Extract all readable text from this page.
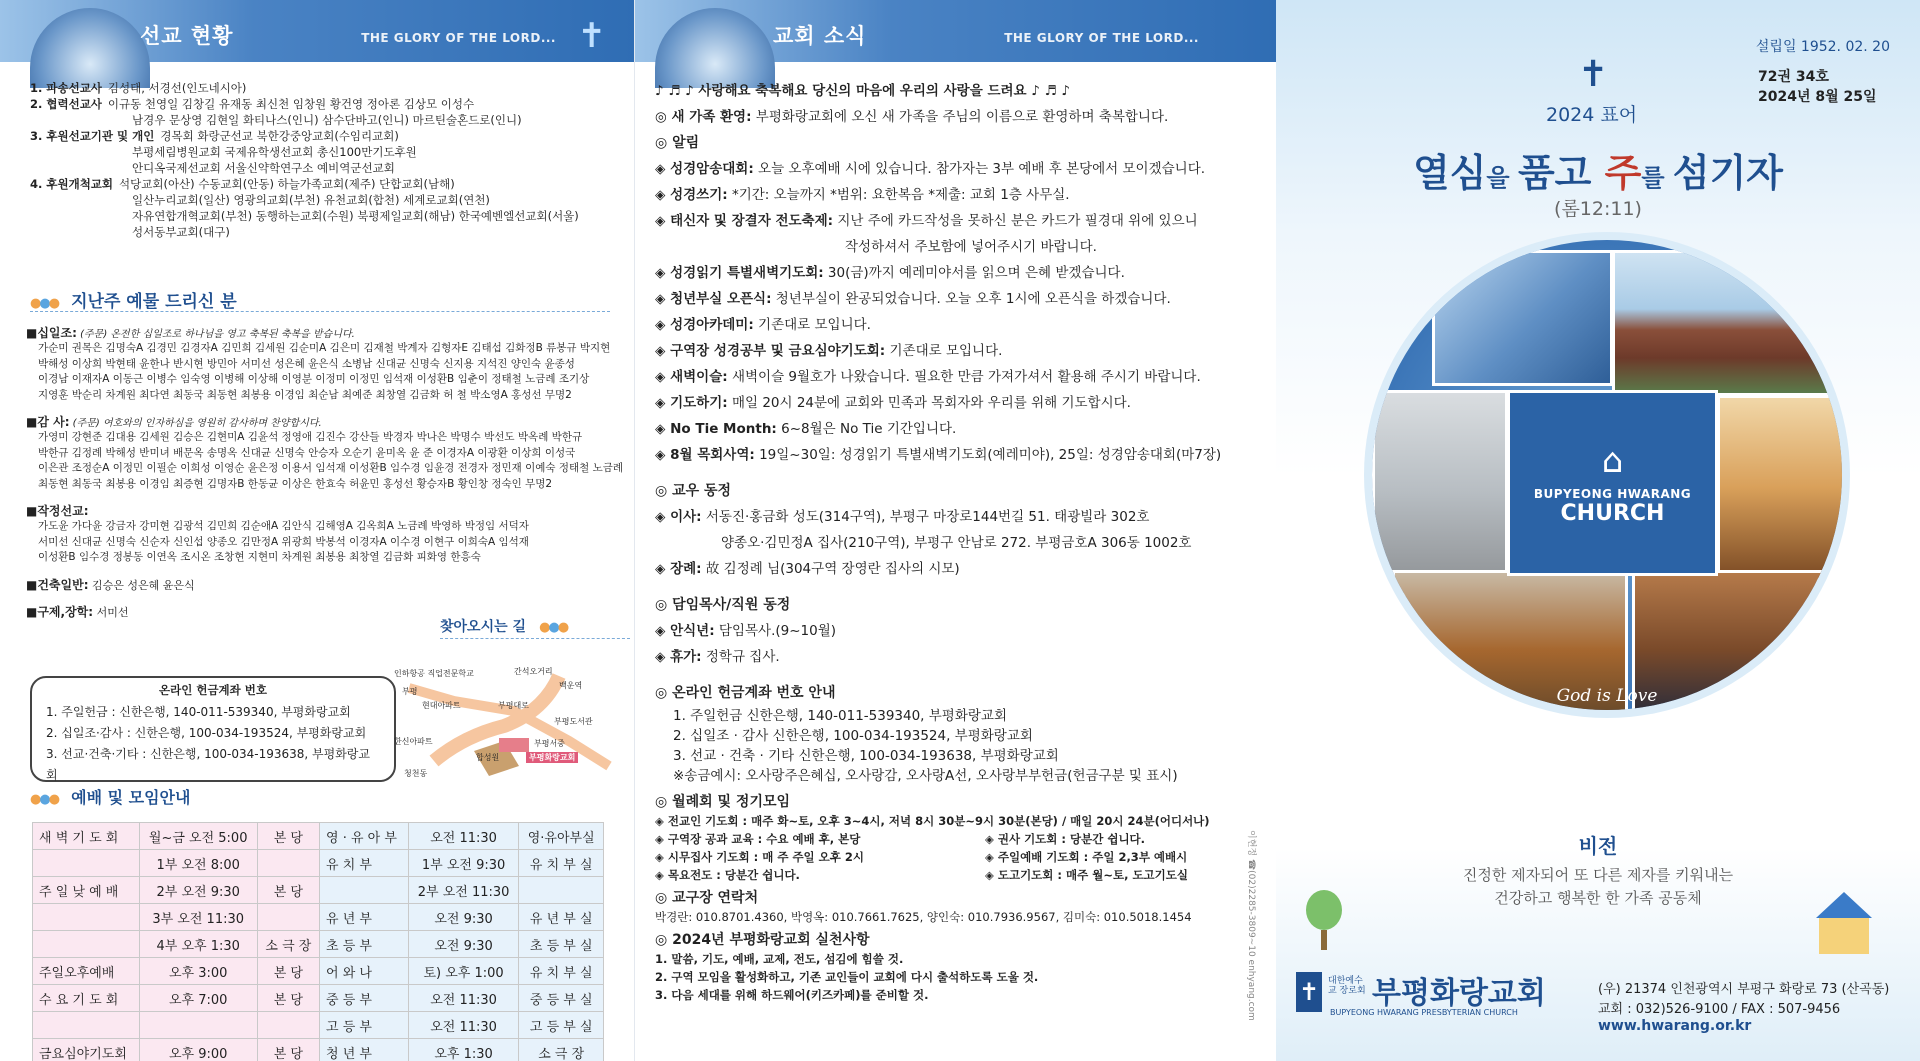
선교 현황	THE GLORY OF THE LORD... ✝
1. 파송선교사 김성태, 서경선(인도네시아)
2. 협력선교사 이규동 천영일 김창길 유재동 최신천 임창원 황건영 정아론 김상모 이성수
남경우 문상영 김현일 화티나스(인니) 삼수단바고(인니) 마르틴술혼드로(인니)
3. 후원선교기관 및 개인 경목회 화랑군선교 북한강중앙교회(수임리교회)
부평세림병원교회 국제유학생선교회 총신100만기도후원
안디옥국제선교회 서울신약학연구소 예비역군선교회
4. 후원개척교회 석당교회(아산) 수동교회(안동) 하늘가족교회(제주) 단합교회(남해)
일산누리교회(일산) 영광의교회(부천) 유천교회(합천) 세계로교회(연천)
자유연합개혁교회(부천) 동행하는교회(수원) 북평제일교회(해남) 한국예벤엘선교회(서울)
성서동부교회(대구)
●●● 지난주 예물 드리신 분
■십일조: (주문) 온전한 십일조로 하나님을 영고 축복된 축복을 받습니다.
가순미 권목은 김명숙A 김경민 김경자A 김민희 김세원 김순미A 김은미 김재철 박계자 김형자E 김태섭 김화정B 류봉규 박지현
박해성 이상희 박현태 윤한나 반시현 방민아 서미선 성은혜 윤은식 소병남 신대균 신명숙 신지용 지석진 양인숙 윤종성
이경남 이재자A 이동근 이병수 임숙영 이병해 이상해 이영분 이정미 이정민 임석재 이성환B 임춘이 정태철 노금례 조기상
지영훈 박순리 차계원 최다연 최동국 최동현 최봉용 이경임 최순남 최예준 최창열 김금화 허 철 박소영A 홍성선 무명2
■감 사: (주문) 여호와의 인자하심을 영원히 감사하며 찬양합시다.
가영미 강현준 김대용 김세원 김승은 김현미A 김윤석 정영애 김진수 강산들 박경자 박나은 박명수 박선도 박옥례 박한규
박한규 김정례 박해성 반미녀 배문옥 송명옥 신대균 신명숙 안승자 오순기 윤미옥 윤 준 이경자A 이광환 이상희 이성국
이은관 조정순A 이정민 이필순 이희성 이영순 윤은정 이용서 임석재 이성환B 임수경 임윤경 전경자 정민재 이예숙 정태철 노금례
최동현 최동국 최봉용 이경임 최증현 김명자B 한동균 이상은 한효숙 허윤민 홍성선 황승자B 황인창 정숙인 무명2
■작정선교:
가도윤 가다윤 강금자 강미현 김광석 김민희 김순애A 김안식 김해영A 김옥희A 노금례 박영하 박정임 서덕자
서미선 신대균 신명숙 신순자 신인섭 양종오 김만정A 위광희 박봉석 이경자A 이수경 이현구 이희숙A 임석재
이성환B 임수경 정봉동 이연옥 조시온 조창현 지현미 차계원 최봉용 최창열 김금화 피화영 한흥숙
■건축일반: 김승은 성은혜 윤은식
■구제,장학: 서미선
찾아오시는 길 ●●●
온라인 헌금계좌 번호
1. 주일헌금 : 신한은행, 140-011-539340, 부평화랑교회
2. 십일조·감사 : 신한은행, 100-034-193524, 부평화랑교회
3. 선교·건축·기타 : 신한은행, 100-034-193638, 부평화랑교회
인하항공 직업전문학교	간석오거리
백운역
부평
현대아파트	부평대로
부평도서관
한신아파트
합성원
부평서중
부평화랑교회
청천동
●●● 예배 및 모임안내
새 벽 기 도 회	월~금 오전 5:00	본 당	영 · 유 아 부	오전 11:30	영·유아부실
	1부 오전 8:00		유 치 부	1부 오전 9:30	유 치 부 실
주 일 낮 예 배	2부 오전 9:30	본 당		2부 오전 11:30	
	3부 오전 11:30		유 년 부	오전 9:30	유 년 부 실
	4부 오후 1:30	소 극 장	초 등 부	오전 9:30	초 등 부 실
주일오후예배	오후 3:00	본 당	어 와 나	토) 오후 1:00	유 치 부 실
수 요 기 도 회	오후 7:00	본 당	중 등 부	오전 11:30	중 등 부 실
			고 등 부	오전 11:30	고 등 부 실
금요심야기도회	오후 9:00	본 당	청 년 부	오후 1:30	소 극 장
교회 소식	THE GLORY OF THE LORD...
♪ ♬ ♪ 사랑해요 축복해요 당신의 마음에 우리의 사랑을 드려요 ♪ ♬ ♪
◎ 새 가족 환영: 부평화랑교회에 오신 새 가족을 주님의 이름으로 환영하며 축복합니다.
◎ 알림
◈ 성경암송대회: 오늘 오후예배 시에 있습니다. 참가자는 3부 예배 후 본당에서 모이겠습니다.
◈ 성경쓰기: *기간: 오늘까지 *범위: 요한복음 *제출: 교회 1층 사무실.
◈ 태신자 및 장결자 전도축제: 지난 주에 카드작성을 못하신 분은 카드가 필경대 위에 있으니
작성하셔서 주보함에 넣어주시기 바랍니다.
◈ 성경읽기 특별새벽기도회: 30(금)까지 예레미야서를 읽으며 은혜 받겠습니다.
◈ 청년부실 오픈식: 청년부실이 완공되었습니다. 오늘 오후 1시에 오픈식을 하겠습니다.
◈ 성경아카데미: 기존대로 모입니다.
◈ 구역장 성경공부 및 금요심야기도회: 기존대로 모입니다.
◈ 새벽이슬: 새벽이슬 9월호가 나왔습니다. 필요한 만큼 가져가셔서 활용해 주시기 바랍니다.
◈ 기도하기: 매일 20시 24분에 교회와 민족과 목회자와 우리를 위해 기도합시다.
◈ No Tie Month: 6~8월은 No Tie 기간입니다.
◈ 8월 목회사역: 19일~30일: 성경읽기 특별새벽기도회(예레미야), 25일: 성경암송대회(마7장)
◎ 교우 동정
◈ 이사: 서동진·홍금화 성도(314구역), 부평구 마장로144번길 51. 태광빌라 302호
양종오·김민정A 집사(210구역), 부평구 안남로 272. 부평금호A 306동 1002호
◈ 장례: 故 김정례 님(304구역 장영란 집사의 시모)
◎ 담임목사/직원 동정
◈ 안식년: 담임목사.(9~10월)
◈ 휴가: 정학규 집사.
◎ 온라인 헌금계좌 번호 안내
1. 주일헌금 신한은행, 140-011-539340, 부평화랑교회
2. 십일조 · 감사 신한은행, 100-034-193524, 부평화랑교회
3. 선교 · 건축 · 기타 신한은행, 100-034-193638, 부평화랑교회
※송금예시: 오사랑주은혜십, 오사랑감, 오사랑A선, 오사랑부부헌금(헌금구분 및 표시)
◎ 월례회 및 정기모임
◈ 전교인 기도회 : 매주 화~토, 오후 3~4시, 저녁 8시 30분~9시 30분(본당) / 매일 20시 24분(어디서나)
◈ 구역장 공과 교육 : 수요 예배 후, 본당	◈ 권사 기도회 : 당분간 쉽니다.
◈ 시무집사 기도회 : 매 주 주일 오후 2시	◈ 주일예배 기도회 : 주일 2,3부 예배시
◈ 목요전도 : 당분간 쉽니다.	◈ 도고기도회 : 매주 월~토, 도고기도실
◎ 교구장 연락처
박경란: 010.8701.4360, 박영옥: 010.7661.7625, 양인숙: 010.7936.9567, 김미숙: 010.5018.1454
◎ 2024년 부평화랑교회 실천사항
1. 말씀, 기도, 예배, 교제, 전도, 섬김에 힘쓸 것.
2. 구역 모임을 활성화하고, 기존 교인들이 교회에 다시 출석하도록 도울 것.
3. 다음 세대를 위해 하드웨어(키즈카페)를 준비할 것.	이현정 ☎(02)2285-3809~10 enhyang.com
설립일 1952. 02. 20
72권 34호
2024년 8월 25일
✝
2024 표어
열심을 품고 주를 섬기자
(롬12:11)
⌂
BUPYEONG HWARANG
CHURCH
God is Love
비전
진정한 제자되어 또 다른 제자를 키워내는
건강하고 행복한 한 가족 공동체
✝ 대한예수교 장로회 부평화랑교회
BUPYEONG HWARANG PRESBYTERIAN CHURCH
(우) 21374 인천광역시 부평구 화랑로 73 (산곡동)
교회 : 032)526-9100 / FAX : 507-9456
www.hwarang.or.kr
